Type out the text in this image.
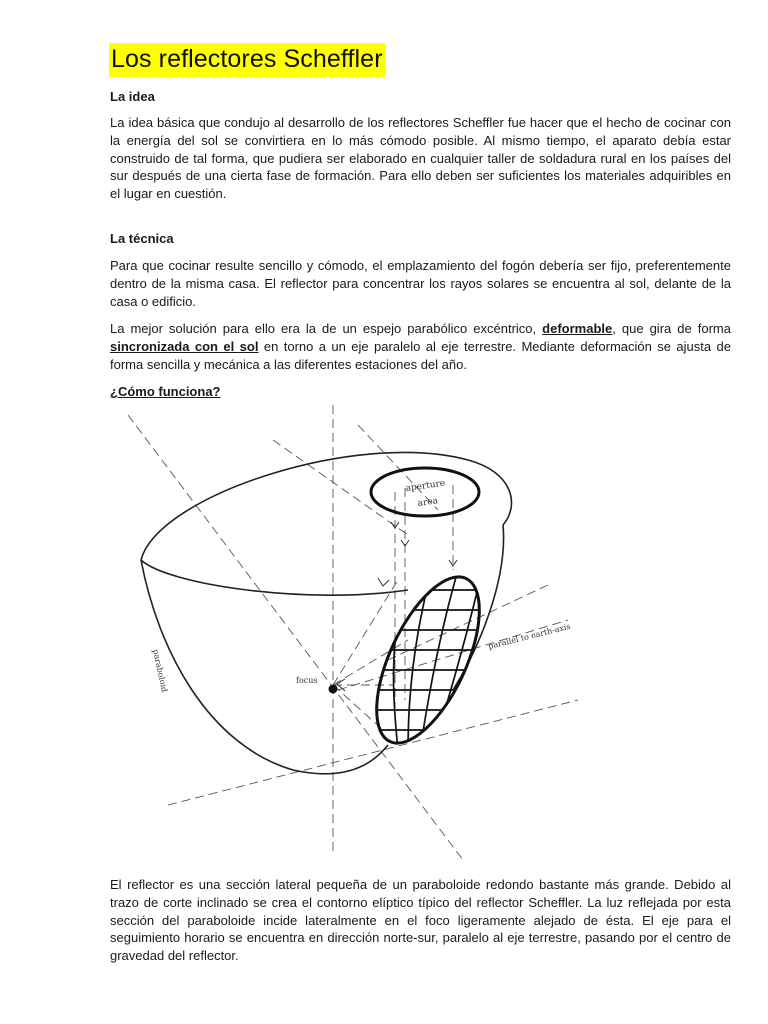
Los reflectores Scheffler
La idea
La idea básica que condujo al desarrollo de los reflectores Scheffler fue hacer que el hecho de cocinar con la energía del sol se convirtiera en lo más cómodo posible. Al mismo tiempo, el aparato debía estar construido de tal forma, que pudiera ser elaborado en cualquier taller de soldadura rural en los países del sur después de una cierta fase de formación. Para ello deben ser suficientes los materiales adquiribles en el lugar en cuestión.
La técnica
Para que cocinar resulte sencillo y cómodo, el emplazamiento del fogón debería ser fijo, preferentemente dentro de la misma casa. El reflector para concentrar los rayos solares se encuentra al sol, delante de la casa o edificio.
La mejor solución para ello era la de un espejo parabólico excéntrico, deformable, que gira de forma sincronizada con el sol en torno a un eje paralelo al eje terrestre. Mediante deformación se ajusta de forma sencilla y mecánica a las diferentes estaciones del año.
¿Cómo funciona?
aperture
area
paraboloid	focus
parallel to earth-axis
El reflector es una sección lateral pequeña de un paraboloide redondo bastante más grande. Debido al trazo de corte inclinado se crea el contorno elíptico típico del reflector Scheffler. La luz reflejada por esta sección del paraboloide incide lateralmente en el foco ligeramente alejado de ésta. El eje para el seguimiento horario se encuentra en dirección norte-sur, paralelo al eje terrestre, pasando por el centro de gravedad del reflector.
